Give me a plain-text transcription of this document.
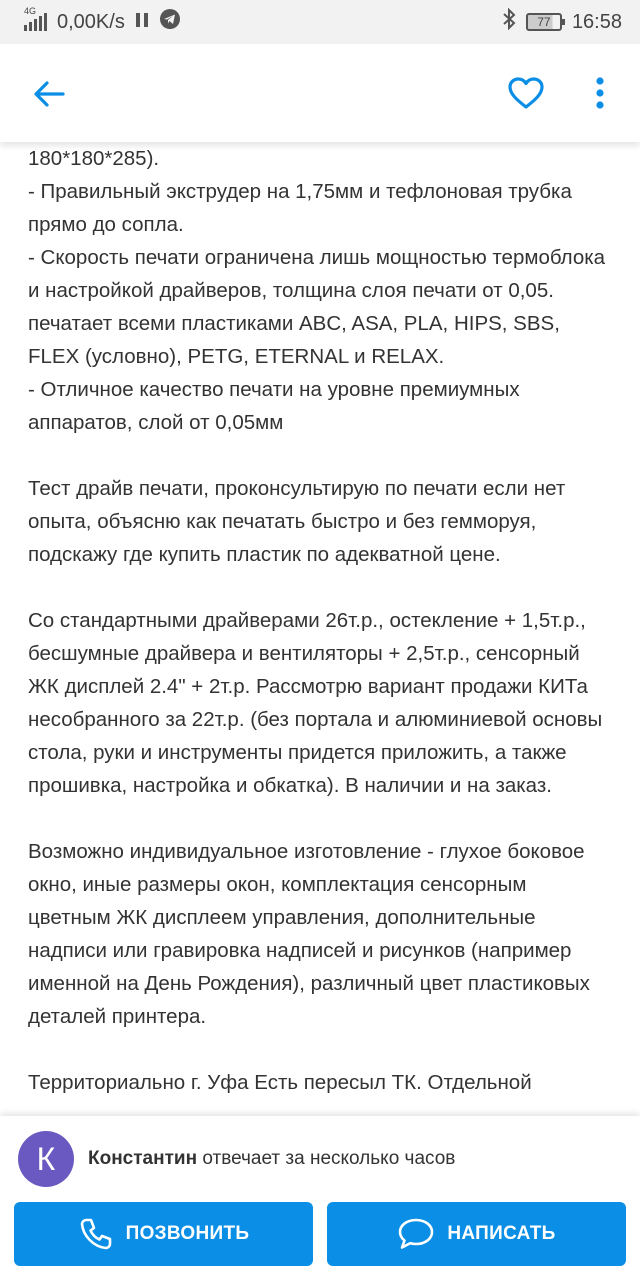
4G 0,00K/s	77	16:58

180*180*285).
- Правильный экструдер на 1,75мм и тефлоновая трубка прямо до сопла.
- Скорость печати ограничена лишь мощностью термоблока и настройкой драйверов, толщина слоя печати от 0,05. печатает всеми пластиками ABC, ASA, PLA, HIPS, SBS, FLEX (условно), PETG, ETERNAL и RELAX.
- Отличное качество печати на уровне премиумных аппаратов, слой от 0,05мм

Тест драйв печати, проконсультирую по печати если нет опыта, объясню как печатать быстро и без гемморуя, подскажу где купить пластик по адекватной цене.

Со стандартными драйверами 26т.р., остекление + 1,5т.р., бесшумные драйвера и вентиляторы + 2,5т.р., сенсорный ЖК дисплей 2.4" + 2т.р. Рассмотрю вариант продажи КИТа несобранного за 22т.р. (без портала и алюминиевой основы стола, руки и инструменты придется приложить, а также прошивка, настройка и обкатка). В наличии и на заказ.

Возможно индивидуальное изготовление - глухое боковое окно, иные размеры окон, комплектация сенсорным цветным ЖК дисплеем управления, дополнительные надписи или гравировка надписей и рисунков (например именной на День Рождения), различный цвет пластиковых деталей принтера.

Территориально г. Уфа Есть пересыл ТК. Отдельной

К Константин отвечает за несколько часов
ПОЗВОНИТЬ	НАПИСАТЬ
